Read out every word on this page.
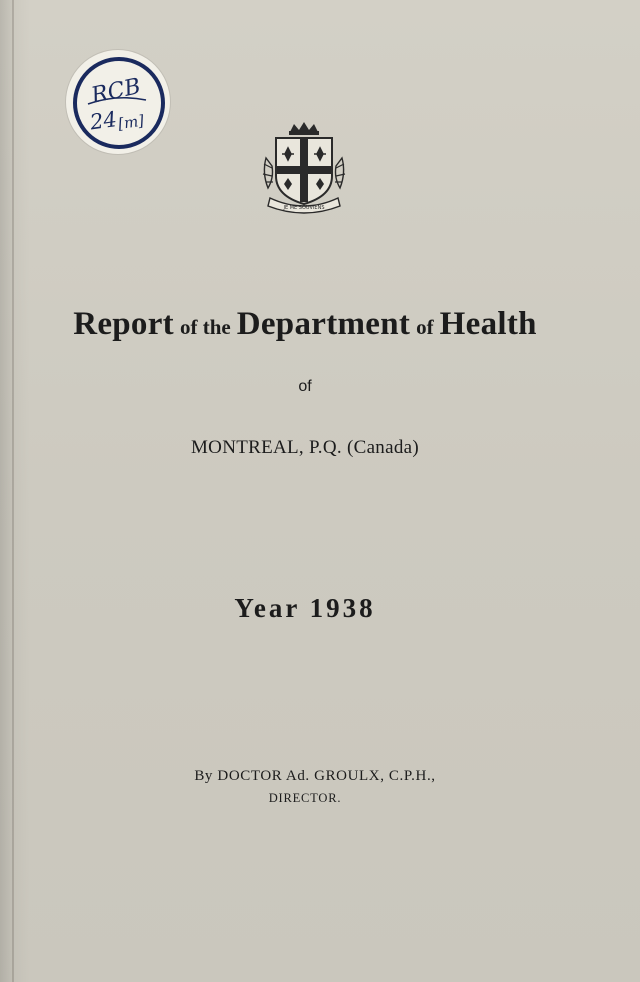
RCB
24
[m]
JE ME SOUVIENS
Report of the Department of Health
of
MONTREAL, P.Q. (Canada)
Year 1938
By DOCTOR Ad. GROULX, C.P.H.,
DIRECTOR.
